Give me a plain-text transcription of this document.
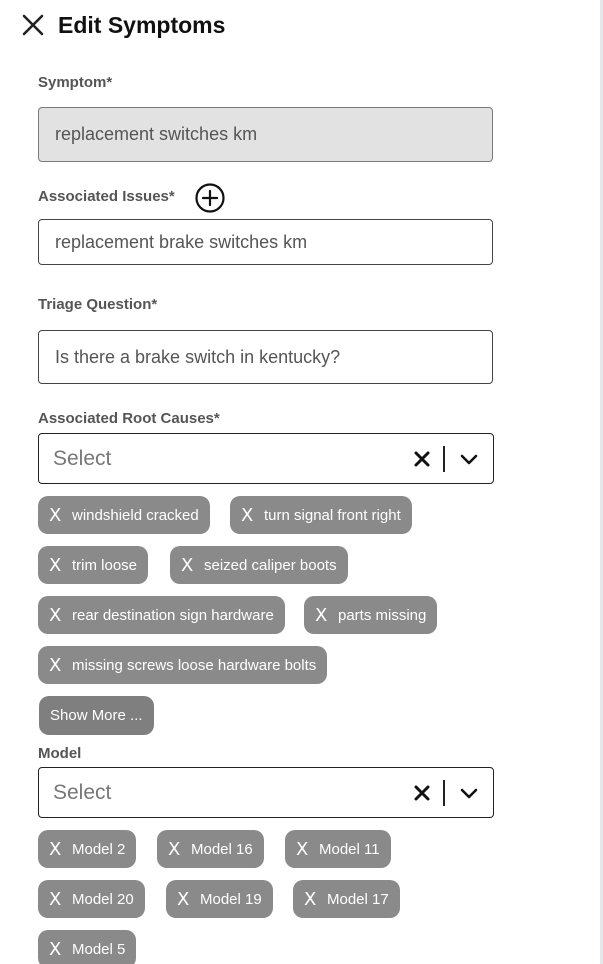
Edit Symptoms
Symptom*
replacement switches km
Associated Issues*
replacement brake switches km
Triage Question*
Is there a brake switch in kentucky?
Associated Root Causes*
Select
X windshield cracked X turn signal front right
X trim loose X seized caliper boots
X rear destination sign hardware X parts missing
X missing screws loose hardware bolts
Show More ...
Model
Select
X Model 2 X Model 16 X Model 11
X Model 20 X Model 19 X Model 17
X Model 5
